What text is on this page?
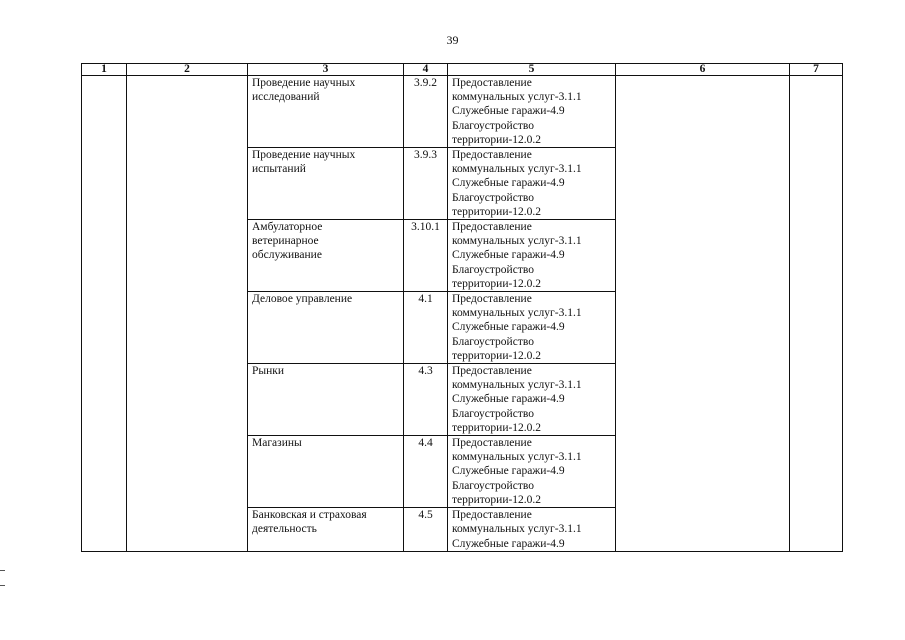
39
1	2	3	4	5	6	7

		Проведение научных исследований	3.9.2	Предоставление
коммунальных услуг-3.1.1
Служебные гаражи-4.9
Благоустройство
территории-12.0.2		

		Проведение научных испытаний	3.9.3	Предоставление
коммунальных услуг-3.1.1
Служебные гаражи-4.9
Благоустройство
территории-12.0.2		

		Амбулаторное ветеринарное обслуживание	3.10.1	Предоставление
коммунальных услуг-3.1.1
Служебные гаражи-4.9
Благоустройство
территории-12.0.2		

		Деловое управление	4.1	Предоставление
коммунальных услуг-3.1.1
Служебные гаражи-4.9
Благоустройство
территории-12.0.2		

		Рынки	4.3	Предоставление
коммунальных услуг-3.1.1
Служебные гаражи-4.9
Благоустройство
территории-12.0.2		

		Магазины	4.4	Предоставление
коммунальных услуг-3.1.1
Служебные гаражи-4.9
Благоустройство
территории-12.0.2		

		Банковская и страховая деятельность	4.5	Предоставление
коммунальных услуг-3.1.1
Служебные гаражи-4.9		
